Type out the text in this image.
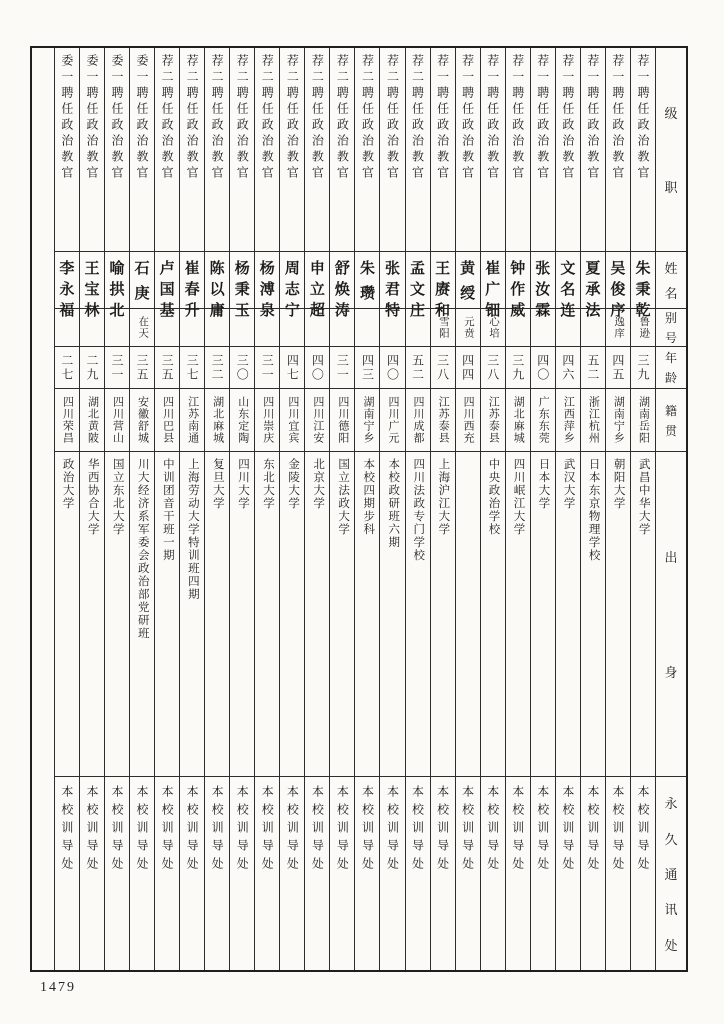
级
职
姓
名
别
号
年
龄
籍
贯
出
身
永
久
通
讯
处
荐一聘任政治教官
朱
秉
乾
鲁逊
三九
湖南岳阳
武昌中华大学
本校训导处
荐一聘任政治教官
吴
俊
序
逸庠
四五
湖南宁乡
朝阳大学
本校训导处
荐一聘任政治教官
夏
承
法
五二
浙江杭州
日本东京物理学校
本校训导处
荐一聘任政治教官
文
名
连
四六
江西萍乡
武汉大学
本校训导处
荐一聘任政治教官
张
汝
霖
四〇
广东东莞
日本大学
本校训导处
荐一聘任政治教官
钟
作
威
三九
湖北麻城
四川岷江大学
本校训导处
荐一聘任政治教官
崔
广
钿
心培
三八
江苏泰县
中央政治学校
本校训导处
荐一聘任政治教官
黄
绶
元贲
四四
四川西充
本校训导处
荐一聘任政治教官
王
赓
和
雪阳
三八
江苏泰县
上海沪江大学
本校训导处
荐二聘任政治教官
孟
文
庄
五二
四川成都
四川法政专门学校
本校训导处
荐二聘任政治教官
张
君
特
四〇
四川广元
本校政研班六期
本校训导处
荐二聘任政治教官
朱
瓒
四三
湖南宁乡
本校四期步科
本校训导处
荐二聘任政治教官
舒
焕
涛
三一
四川德阳
国立法政大学
本校训导处
荐二聘任政治教官
申
立
超
四〇
四川江安
北京大学
本校训导处
荐二聘任政治教官
周
志
宁
四七
四川宜宾
金陵大学
本校训导处
荐二聘任政治教官
杨
溥
泉
三一
四川崇庆
东北大学
本校训导处
荐二聘任政治教官
杨
秉
玉
三〇
山东定陶
四川大学
本校训导处
荐二聘任政治教官
陈
以
庸
三二
湖北麻城
复旦大学
本校训导处
荐二聘任政治教官
崔
春
升
三七
江苏南通
上海劳动大学特训班四期
本校训导处
荐二聘任政治教官
卢
国
基
三五
四川巴县
中训团音干班一期
本校训导处
委一聘任政治教官
石
庚
在天
三五
安徽舒城
川大经济系军委会政治部党研班
本校训导处
委一聘任政治教官
喻
拱
北
三一
四川营山
国立东北大学
本校训导处
委一聘任政治教官
王
宝
林
二九
湖北黄陂
华西协合大学
本校训导处
委一聘任政治教官
李
永
福
二七
四川荣昌
政治大学
本校训导处
1479
